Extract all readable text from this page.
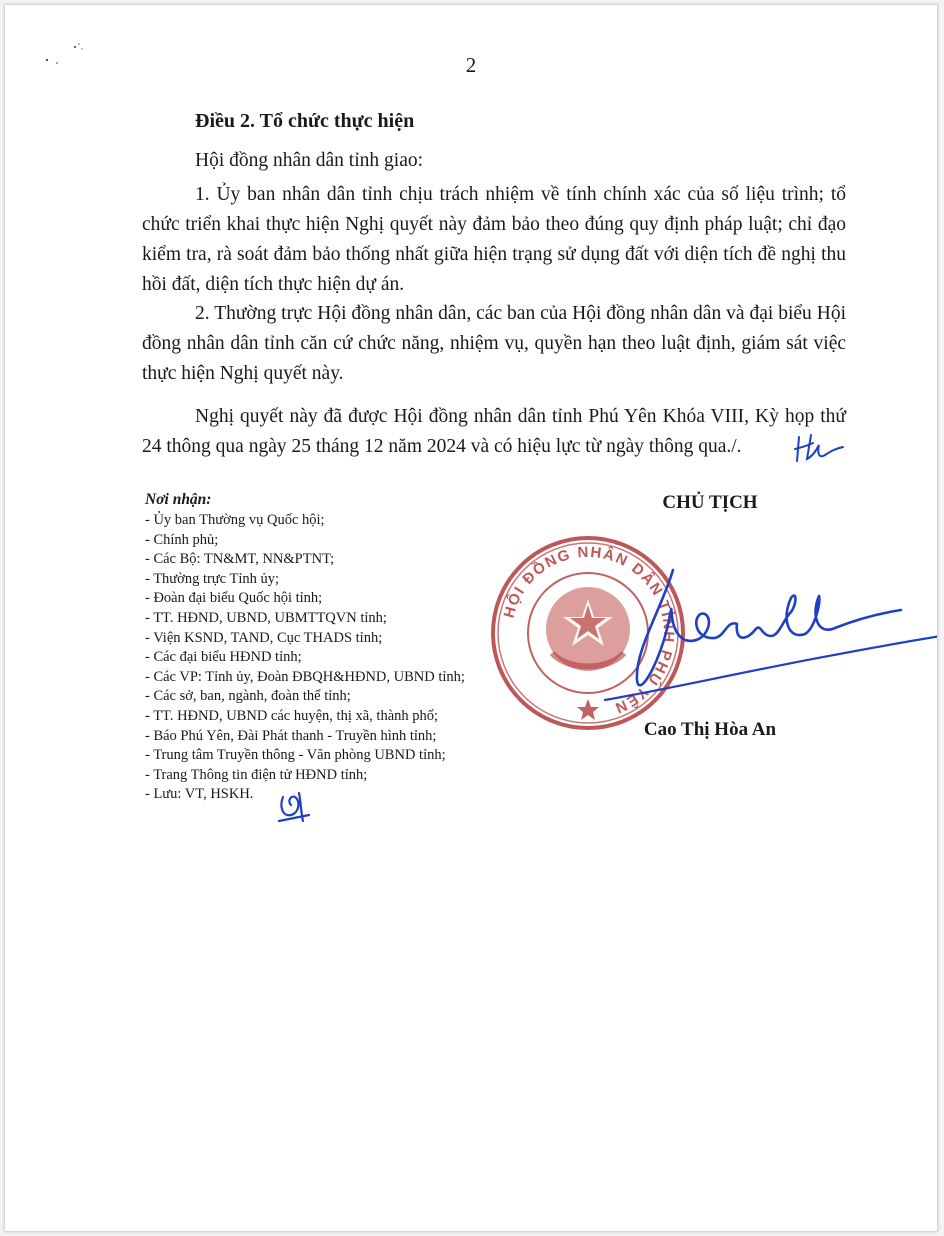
2
Điều 2. Tổ chức thực hiện

Hội đồng nhân dân tỉnh giao:

1. Ủy ban nhân dân tỉnh chịu trách nhiệm về tính chính xác của số liệu trình; tổ chức triển khai thực hiện Nghị quyết này đảm bảo theo đúng quy định pháp luật; chỉ đạo kiểm tra, rà soát đảm bảo thống nhất giữa hiện trạng sử dụng đất với diện tích đề nghị thu hồi đất, diện tích thực hiện dự án.

2. Thường trực Hội đồng nhân dân, các ban của Hội đồng nhân dân và đại biểu Hội đồng nhân dân tỉnh căn cứ chức năng, nhiệm vụ, quyền hạn theo luật định, giám sát việc thực hiện Nghị quyết này.

Nghị quyết này đã được Hội đồng nhân dân tỉnh Phú Yên Khóa VIII, Kỳ họp thứ 24 thông qua ngày 25 tháng 12 năm 2024 và có hiệu lực từ ngày thông qua./.

Nơi nhận:
- Ủy ban Thường vụ Quốc hội;
- Chính phủ;
- Các Bộ: TN&MT, NN&PTNT;
- Thường trực Tỉnh ủy;
- Đoàn đại biểu Quốc hội tỉnh;
- TT. HĐND, UBND, UBMTTQVN tỉnh;
- Viện KSND, TAND, Cục THADS tỉnh;
- Các đại biểu HĐND tỉnh;
- Các VP: Tỉnh ủy, Đoàn ĐBQH&HĐND, UBND tỉnh;
- Các sở, ban, ngành, đoàn thể tỉnh;
- TT. HĐND, UBND các huyện, thị xã, thành phố;
- Báo Phú Yên, Đài Phát thanh - Truyền hình tỉnh;
- Trung tâm Truyền thông - Văn phòng UBND tỉnh;
- Trang Thông tin điện tử HĐND tỉnh;
- Lưu: VT, HSKH.
CHỦ TỊCH
HỘI ĐỒNG NHÂN DÂN TỈNH PHÚ YÊN
Cao Thị Hòa An
